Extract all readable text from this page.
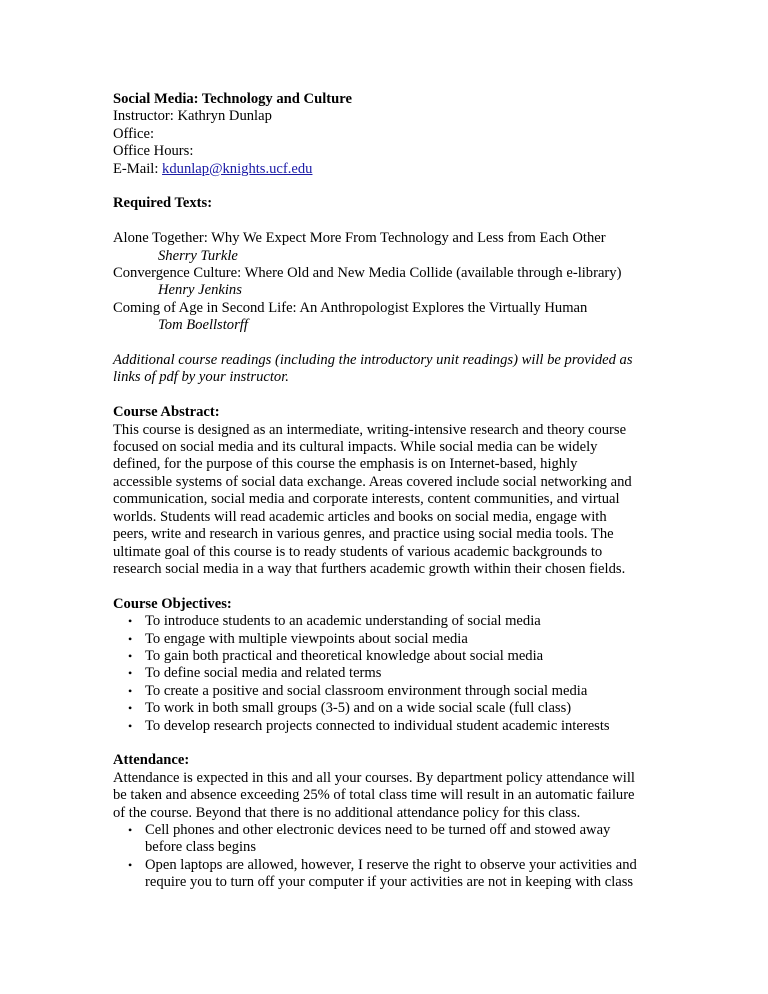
Social Media: Technology and Culture
Instructor: Kathryn Dunlap
Office:
Office Hours:
E-Mail: kdunlap@knights.ucf.edu
Required Texts:
Alone Together: Why We Expect More From Technology and Less from Each Other
Sherry Turkle
Convergence Culture: Where Old and New Media Collide (available through e-library)
Henry Jenkins
Coming of Age in Second Life: An Anthropologist Explores the Virtually Human
Tom Boellstorff
Additional course readings (including the introductory unit readings) will be provided as
links of pdf by your instructor.
Course Abstract:
This course is designed as an intermediate, writing-intensive research and theory course
focused on social media and its cultural impacts. While social media can be widely
defined, for the purpose of this course the emphasis is on Internet-based, highly
accessible systems of social data exchange. Areas covered include social networking and
communication, social media and corporate interests, content communities, and virtual
worlds. Students will read academic articles and books on social media, engage with
peers, write and research in various genres, and practice using social media tools. The
ultimate goal of this course is to ready students of various academic backgrounds to
research social media in a way that furthers academic growth within their chosen fields.
Course Objectives:
• To introduce students to an academic understanding of social media
• To engage with multiple viewpoints about social media
• To gain both practical and theoretical knowledge about social media
• To define social media and related terms
• To create a positive and social classroom environment through social media
• To work in both small groups (3-5) and on a wide social scale (full class)
• To develop research projects connected to individual student academic interests
Attendance:
Attendance is expected in this and all your courses. By department policy attendance will
be taken and absence exceeding 25% of total class time will result in an automatic failure
of the course. Beyond that there is no additional attendance policy for this class.
• Cell phones and other electronic devices need to be turned off and stowed away
before class begins
• Open laptops are allowed, however, I reserve the right to observe your activities and
require you to turn off your computer if your activities are not in keeping with class
